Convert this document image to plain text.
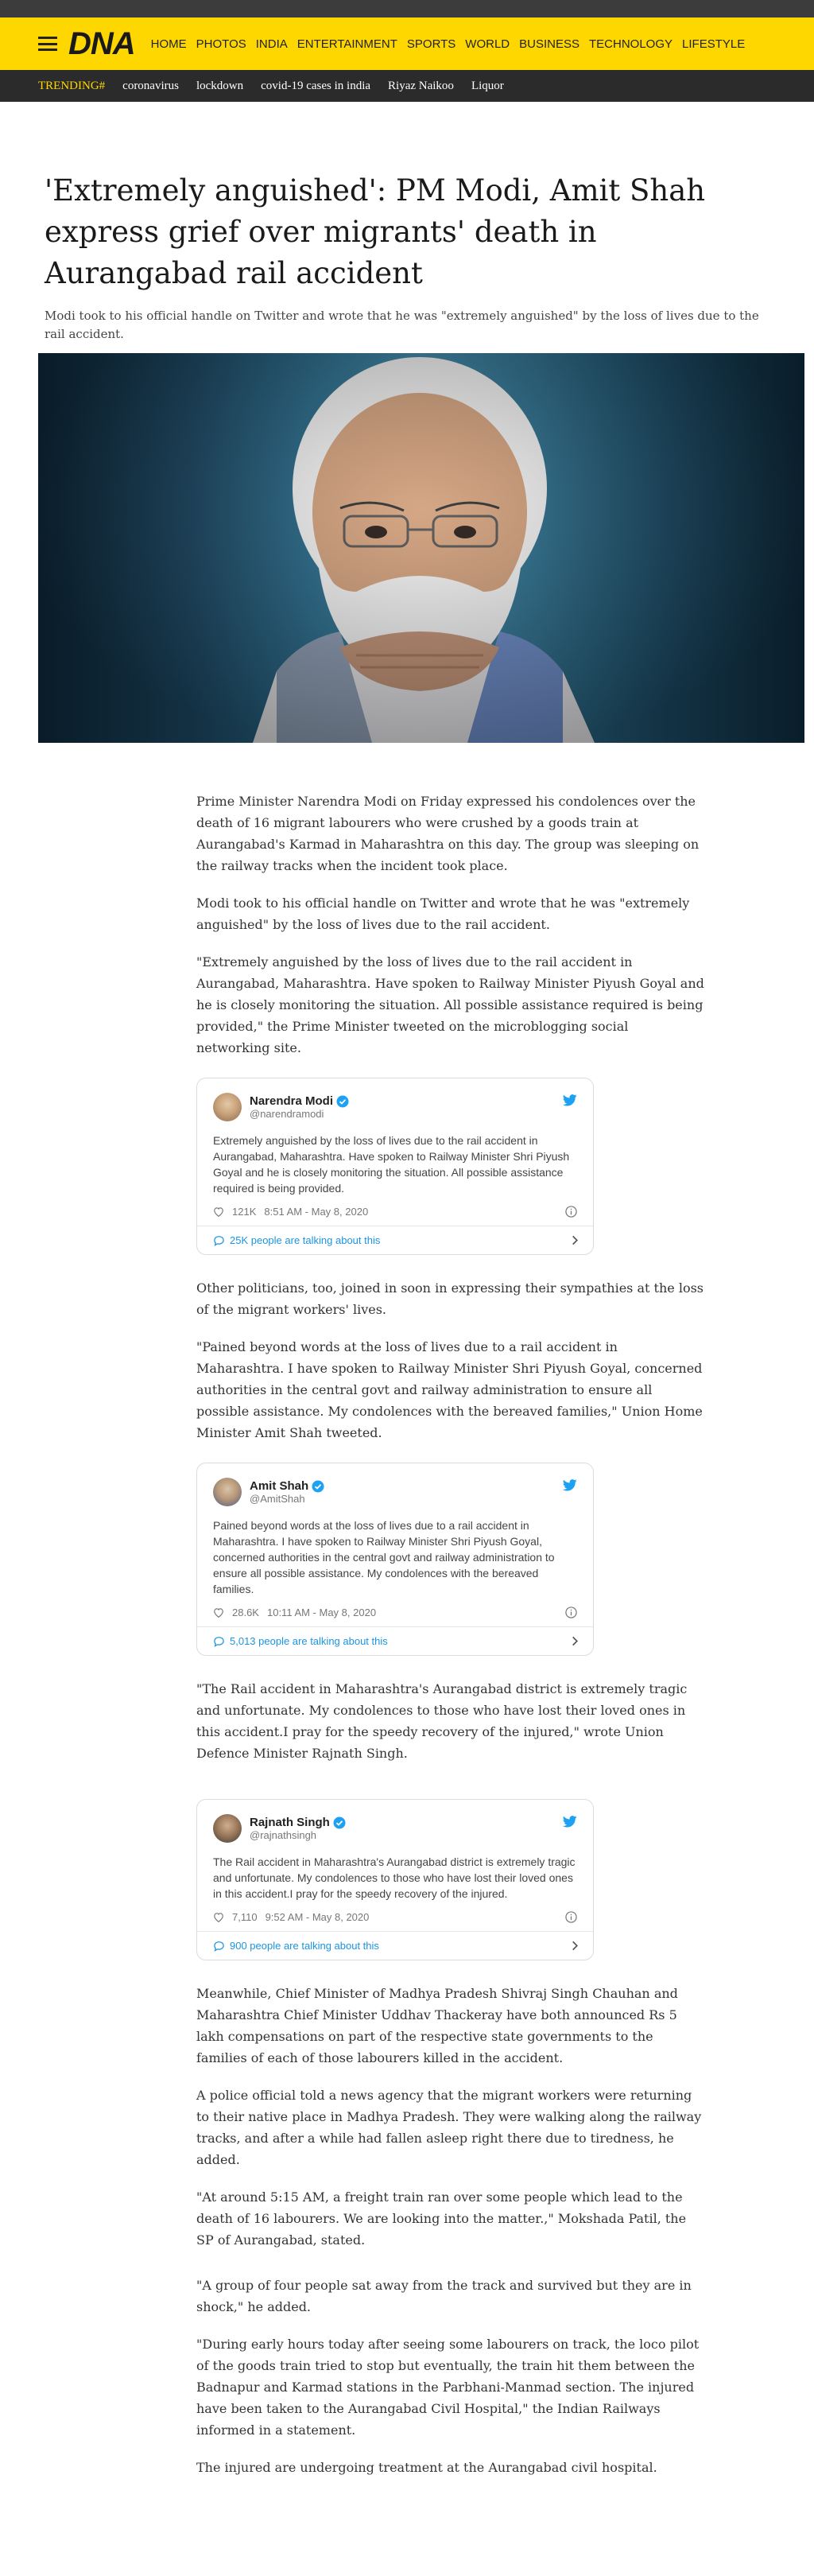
DNA HOME PHOTOS INDIA ENTERTAINMENT SPORTS WORLD BUSINESS TECHNOLOGY LIFESTYLE
TRENDING# coronavirus lockdown covid-19 cases in india Riyaz Naikoo Liquor
'Extremely anguished': PM Modi, Amit Shah express grief over migrants' death in Aurangabad rail accident

Modi took to his official handle on Twitter and wrote that he was "extremely anguished" by the loss of lives due to the rail accident.

Prime Minister Narendra Modi on Friday expressed his condolences over the death of 16 migrant labourers who were crushed by a goods train at Aurangabad's Karmad in Maharashtra on this day. The group was sleeping on the railway tracks when the incident took place.

Modi took to his official handle on Twitter and wrote that he was "extremely anguished" by the loss of lives due to the rail accident.

"Extremely anguished by the loss of lives due to the rail accident in Aurangabad, Maharashtra. Have spoken to Railway Minister Piyush Goyal and he is closely monitoring the situation. All possible assistance required is being provided," the Prime Minister tweeted on the microblogging social networking site.

Narendra Modi
@narendramodi

Extremely anguished by the loss of lives due to the rail accident in Aurangabad, Maharashtra. Have spoken to Railway Minister Shri Piyush Goyal and he is closely monitoring the situation. All possible assistance required is being provided.

121K 8:51 AM - May 8, 2020
25K people are talking about this

Other politicians, too, joined in soon in expressing their sympathies at the loss of the migrant workers' lives.

"Pained beyond words at the loss of lives due to a rail accident in Maharashtra. I have spoken to Railway Minister Shri Piyush Goyal, concerned authorities in the central govt and railway administration to ensure all possible assistance. My condolences with the bereaved families," Union Home Minister Amit Shah tweeted.

Amit Shah
@AmitShah

Pained beyond words at the loss of lives due to a rail accident in Maharashtra. I have spoken to Railway Minister Shri Piyush Goyal, concerned authorities in the central govt and railway administration to ensure all possible assistance. My condolences with the bereaved families.

28.6K 10:11 AM - May 8, 2020
5,013 people are talking about this

"The Rail accident in Maharashtra's Aurangabad district is extremely tragic and unfortunate. My condolences to those who have lost their loved ones in this accident.I pray for the speedy recovery of the injured," wrote Union Defence Minister Rajnath Singh.

Rajnath Singh
@rajnathsingh

The Rail accident in Maharashtra's Aurangabad district is extremely tragic and unfortunate. My condolences to those who have lost their loved ones in this accident.I pray for the speedy recovery of the injured.

7,110 9:52 AM - May 8, 2020
900 people are talking about this

Meanwhile, Chief Minister of Madhya Pradesh Shivraj Singh Chauhan and Maharashtra Chief Minister Uddhav Thackeray have both announced Rs 5 lakh compensations on part of the respective state governments to the families of each of those labourers killed in the accident.

A police official told a news agency that the migrant workers were returning to their native place in Madhya Pradesh. They were walking along the railway tracks, and after a while had fallen asleep right there due to tiredness, he added.

"At around 5:15 AM, a freight train ran over some people which lead to the death of 16 labourers. We are looking into the matter.," Mokshada Patil, the SP of Aurangabad, stated.

"A group of four people sat away from the track and survived but they are in shock," he added.

"During early hours today after seeing some labourers on track, the loco pilot of the goods train tried to stop but eventually, the train hit them between the Badnapur and Karmad stations in the Parbhani-Manmad section. The injured have been taken to the Aurangabad Civil Hospital," the Indian Railways informed in a statement.

The injured are undergoing treatment at the Aurangabad civil hospital.
